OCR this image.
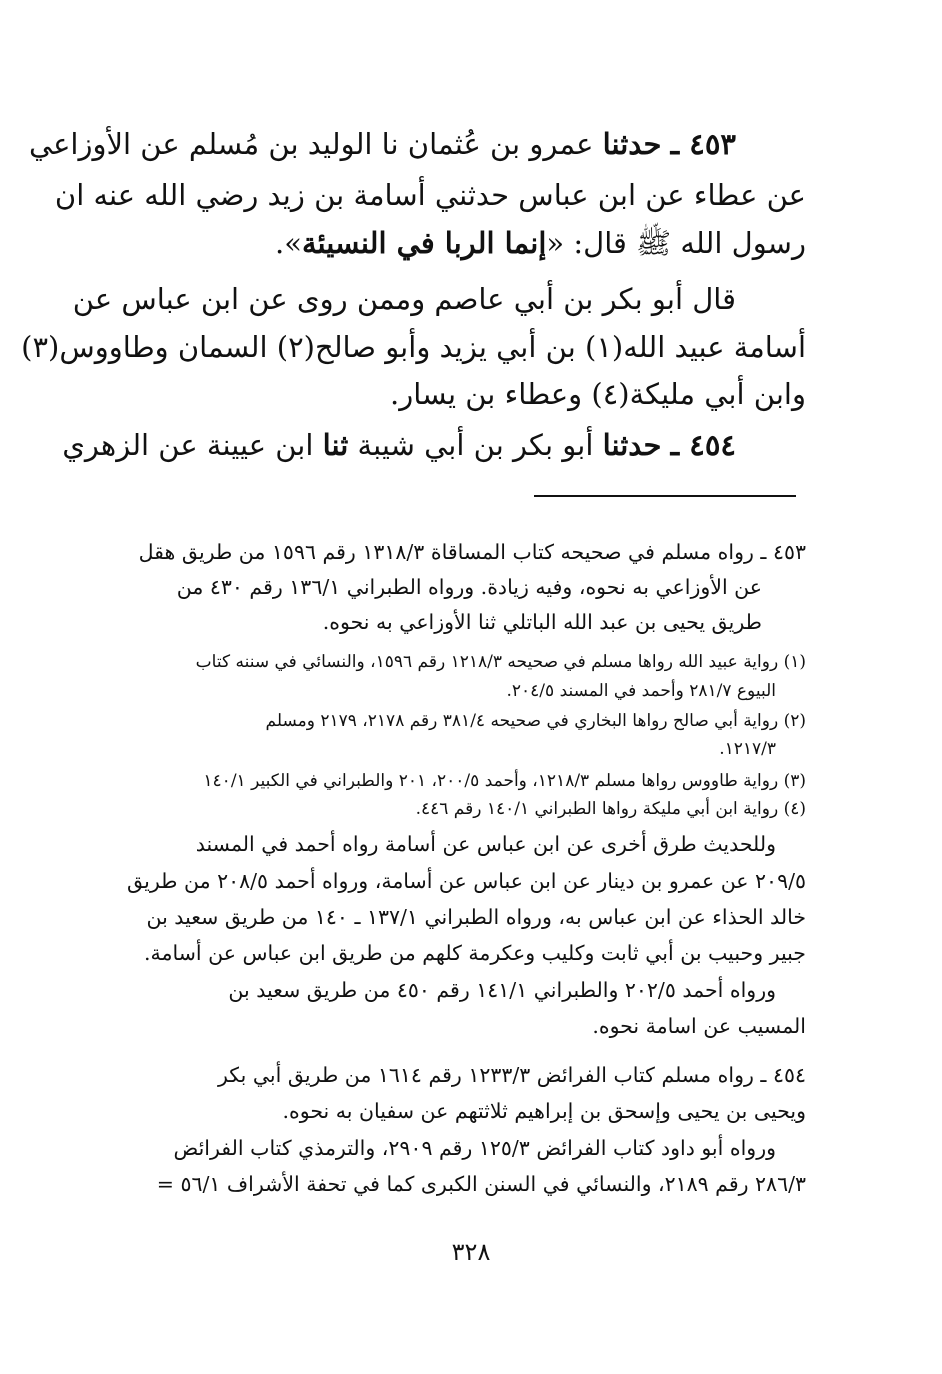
٤٥٣ ـ حدثنا عمرو بن عُثمان نا الوليد بن مُسلم عن الأوزاعي

عن عطاء عن ابن عباس حدثني أسامة بن زيد رضي الله عنه ان

رسول الله ﷺ قال: «إنما الربا في النسيئة».

قال أبو بكر بن أبي عاصم وممن روى عن ابن عباس عن

أسامة عبيد الله(١) بن أبي يزيد وأبو صالح(٢) السمان وطاووس(٣)

وابن أبي مليكة(٤) وعطاء بن يسار.

٤٥٤ ـ حدثنا أبو بكر بن أبي شيبة ثنا ابن عيينة عن الزهري

٤٥٣ ـ رواه مسلم في صحيحه كتاب المساقاة ١٣١٨/٣ رقم ١٥٩٦ من طريق هقل

عن الأوزاعي به نحوه، وفيه زيادة. ورواه الطبراني ١٣٦/١ رقم ٤٣٠ من

طريق يحيى بن عبد الله الباتلي ثنا الأوزاعي به نحوه.

(١) رواية عبيد الله رواها مسلم في صحيحه ١٢١٨/٣ رقم ١٥٩٦، والنسائي في سننه كتاب

البيوع ٢٨١/٧ وأحمد في المسند ٢٠٤/٥.

(٢) رواية أبي صالح رواها البخاري في صحيحه ٣٨١/٤ رقم ٢١٧٨، ٢١٧٩ ومسلم

١٢١٧/٣.

(٣) رواية طاووس رواها مسلم ١٢١٨/٣، وأحمد ٢٠٠/٥، ٢٠١ والطبراني في الكبير ١٤٠/١

(٤) رواية ابن أبي مليكة رواها الطبراني ١٤٠/١ رقم ٤٤٦.

وللحديث طرق أخرى عن ابن عباس عن أسامة رواه أحمد في المسند

٢٠٩/٥ عن عمرو بن دينار عن ابن عباس عن أسامة، ورواه أحمد ٢٠٨/٥ من طريق

خالد الحذاء عن ابن عباس به، ورواه الطبراني ١٣٧/١ ـ ١٤٠ من طريق سعيد بن

جبير وحبيب بن أبي ثابت وكليب وعكرمة كلهم من طريق ابن عباس عن أسامة.

ورواه أحمد ٢٠٢/٥ والطبراني ١٤١/١ رقم ٤٥٠ من طريق سعيد بن

المسيب عن اسامة نحوه.

٤٥٤ ـ رواه مسلم كتاب الفرائض ١٢٣٣/٣ رقم ١٦١٤ من طريق أبي بكر

ويحيى بن يحيى وإسحق بن إبراهيم ثلاثتهم عن سفيان به نحوه.

ورواه أبو داود كتاب الفرائض ١٢٥/٣ رقم ٢٩٠٩، والترمذي كتاب الفرائض

٢٨٦/٣ رقم ٢١٨٩، والنسائي في السنن الكبرى كما في تحفة الأشراف ٥٦/١ =

٣٢٨
